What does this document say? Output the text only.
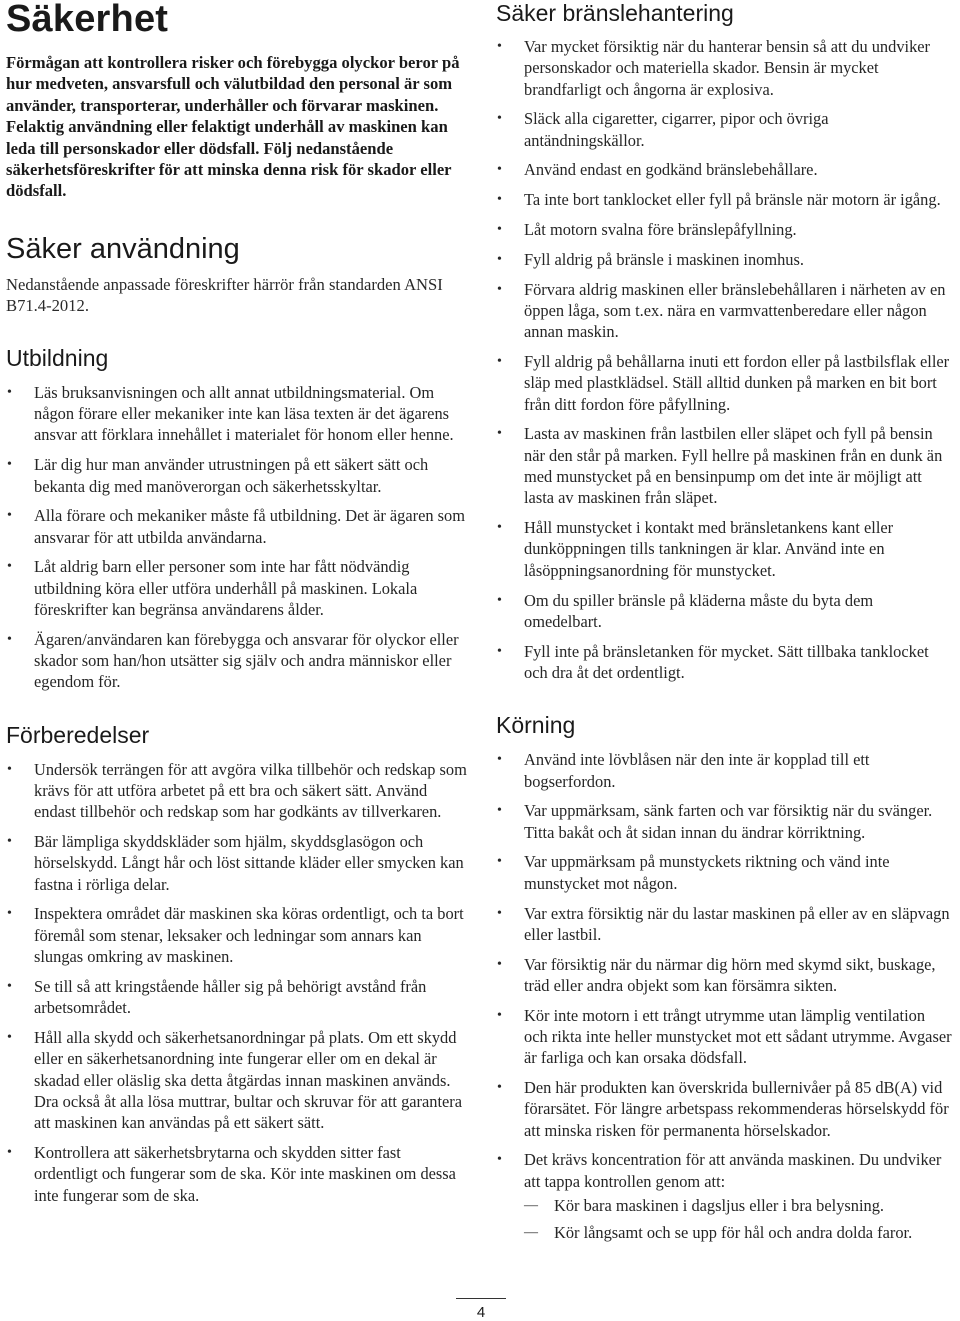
Säkerhet

Förmågan att kontrollera risker och förebygga olyckor beror på hur medveten, ansvarsfull och välutbildad den personal är som använder, transporterar, underhåller och förvarar maskinen. Felaktig användning eller felaktigt underhåll av maskinen kan leda till personskador eller dödsfall. Följ nedanstående säkerhetsföreskrifter för att minska denna risk för skador eller dödsfall.

Säker användning

Nedanstående anpassade föreskrifter härrör från standarden ANSI B71.4-2012.

Utbildning
• Läs bruksanvisningen och allt annat utbildningsmaterial. Om någon förare eller mekaniker inte kan läsa texten är det ägarens ansvar att förklara innehållet i materialet för honom eller henne.
• Lär dig hur man använder utrustningen på ett säkert sätt och bekanta dig med manöverorgan och säkerhetsskyltar.
• Alla förare och mekaniker måste få utbildning. Det är ägaren som ansvarar för att utbilda användarna.
• Låt aldrig barn eller personer som inte har fått nödvändig utbildning köra eller utföra underhåll på maskinen. Lokala föreskrifter kan begränsa användarens ålder.
• Ägaren/användaren kan förebygga och ansvarar för olyckor eller skador som han/hon utsätter sig själv och andra människor eller egendom för.
Förberedelser
• Undersök terrängen för att avgöra vilka tillbehör och redskap som krävs för att utföra arbetet på ett bra och säkert sätt. Använd endast tillbehör och redskap som har godkänts av tillverkaren.
• Bär lämpliga skyddskläder som hjälm, skyddsglasögon och hörselskydd. Långt hår och löst sittande kläder eller smycken kan fastna i rörliga delar.
• Inspektera området där maskinen ska köras ordentligt, och ta bort föremål som stenar, leksaker och ledningar som annars kan slungas omkring av maskinen.
• Se till så att kringstående håller sig på behörigt avstånd från arbetsområdet.
• Håll alla skydd och säkerhetsanordningar på plats. Om ett skydd eller en säkerhetsanordning inte fungerar eller om en dekal är skadad eller oläslig ska detta åtgärdas innan maskinen används. Dra också åt alla lösa muttrar, bultar och skruvar för att garantera att maskinen kan användas på ett säkert sätt.
• Kontrollera att säkerhetsbrytarna och skydden sitter fast ordentligt och fungerar som de ska. Kör inte maskinen om dessa inte fungerar som de ska.
Säker bränslehantering
• Var mycket försiktig när du hanterar bensin så att du undviker personskador och materiella skador. Bensin är mycket brandfarligt och ångorna är explosiva.
• Släck alla cigaretter, cigarrer, pipor och övriga antändningskällor.
• Använd endast en godkänd bränslebehållare.
• Ta inte bort tanklocket eller fyll på bränsle när motorn är igång.
• Låt motorn svalna före bränslepåfyllning.
• Fyll aldrig på bränsle i maskinen inomhus.
• Förvara aldrig maskinen eller bränslebehållaren i närheten av en öppen låga, som t.ex. nära en varmvattenberedare eller någon annan maskin.
• Fyll aldrig på behållarna inuti ett fordon eller på lastbilsflak eller släp med plastklädsel. Ställ alltid dunken på marken en bit bort från ditt fordon före påfyllning.
• Lasta av maskinen från lastbilen eller släpet och fyll på bensin när den står på marken. Fyll hellre på maskinen från en dunk än med munstycket på en bensinpump om det inte är möjligt att lasta av maskinen från släpet.
• Håll munstycket i kontakt med bränsletankens kant eller dunköppningen tills tankningen är klar. Använd inte en låsöppningsanordning för munstycket.
• Om du spiller bränsle på kläderna måste du byta dem omedelbart.
• Fyll inte på bränsletanken för mycket. Sätt tillbaka tanklocket och dra åt det ordentligt.
Körning
• Använd inte lövblåsen när den inte är kopplad till ett bogserfordon.
• Var uppmärksam, sänk farten och var försiktig när du svänger. Titta bakåt och åt sidan innan du ändrar körriktning.
• Var uppmärksam på munstyckets riktning och vänd inte munstycket mot någon.
• Var extra försiktig när du lastar maskinen på eller av en släpvagn eller lastbil.
• Var försiktig när du närmar dig hörn med skymd sikt, buskage, träd eller andra objekt som kan försämra sikten.
• Kör inte motorn i ett trångt utrymme utan lämplig ventilation och rikta inte heller munstycket mot ett sådant utrymme. Avgaser är farliga och kan orsaka dödsfall.
• Den här produkten kan överskrida bullernivåer på 85 dB(A) vid förarsätet. För längre arbetspass rekommenderas hörselskydd för att minska risken för permanenta hörselskador.
• Det krävs koncentration för att använda maskinen. Du undviker att tappa kontrollen genom att:
— Kör bara maskinen i dagsljus eller i bra belysning.
— Kör långsamt och se upp för hål och andra dolda faror.
4
